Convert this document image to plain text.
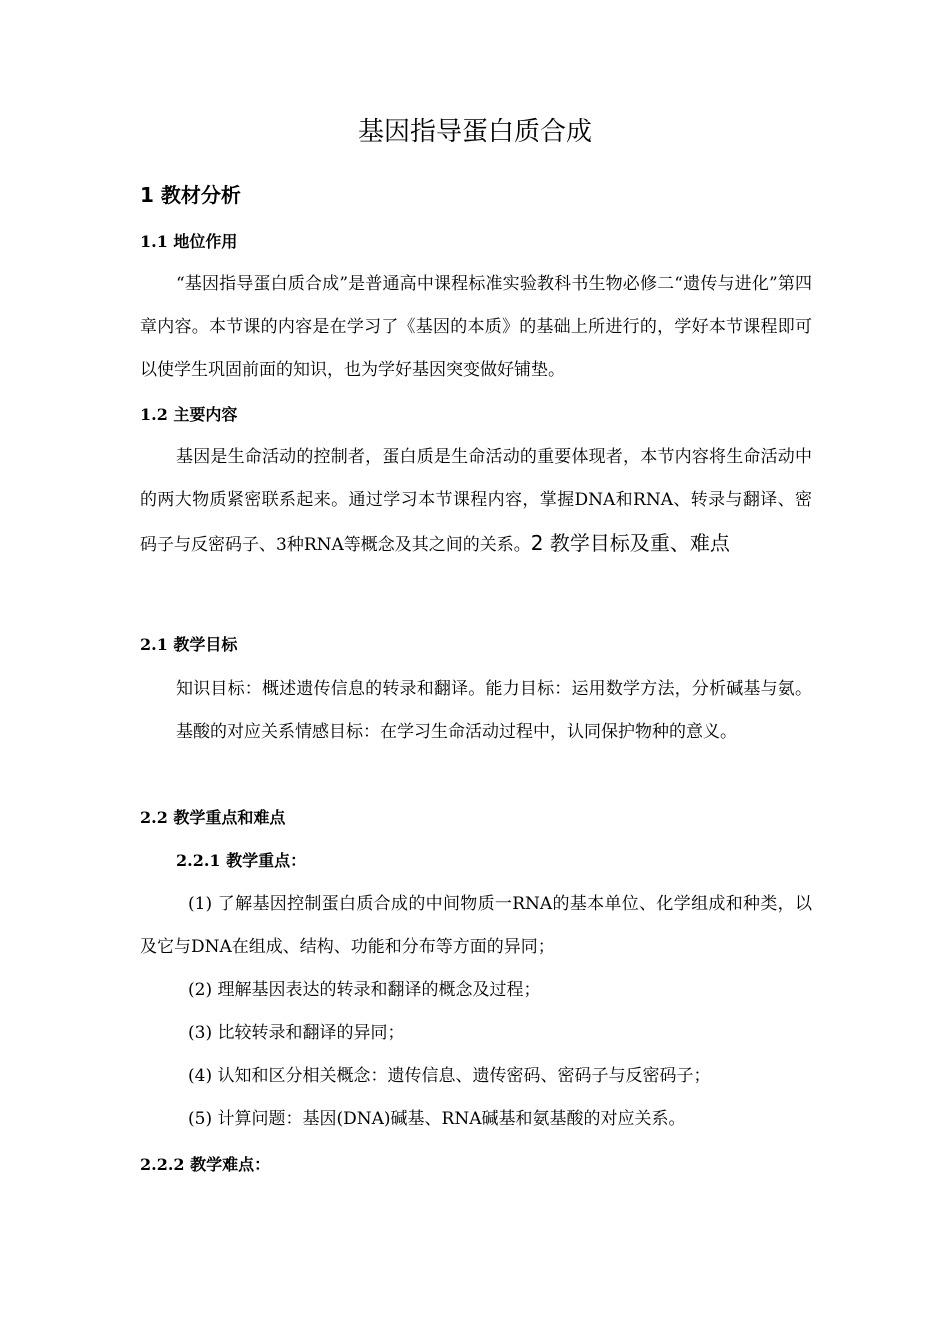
基因指导蛋白质合成
1 教材分析
1.1 地位作用

“基因指导蛋白质合成”是普通高中课程标准实验教科书生物必修二“遗传与进化”第四章内容。本节课的内容是在学习了《基因的本质》的基础上所进行的，学好本节课程即可以使学生巩固前面的知识，也为学好基因突变做好铺垫。

1.2 主要内容

基因是生命活动的控制者，蛋白质是生命活动的重要体现者，本节内容将生命活动中的两大物质紧密联系起来。通过学习本节课程内容，掌握DNA和RNA、转录与翻译、密码子与反密码子、3种RNA等概念及其之间的关系。2 教学目标及重、难点

2.1 教学目标

知识目标：概述遗传信息的转录和翻译。能力目标：运用数学方法，分析碱基与氨。基酸的对应关系情感目标：在学习生命活动过程中，认同保护物种的意义。

2.2 教学重点和难点
2.2.1 教学重点：

(1) 了解基因控制蛋白质合成的中间物质一RNA的基本单位、化学组成和种类，以及它与DNA在组成、结构、功能和分布等方面的异同；

(2) 理解基因表达的转录和翻译的概念及过程；

(3) 比较转录和翻译的异同；

(4) 认知和区分相关概念：遗传信息、遗传密码、密码子与反密码子；

(5) 计算问题：基因(DNA)碱基、RNA碱基和氨基酸的对应关系。

2.2.2 教学难点：
